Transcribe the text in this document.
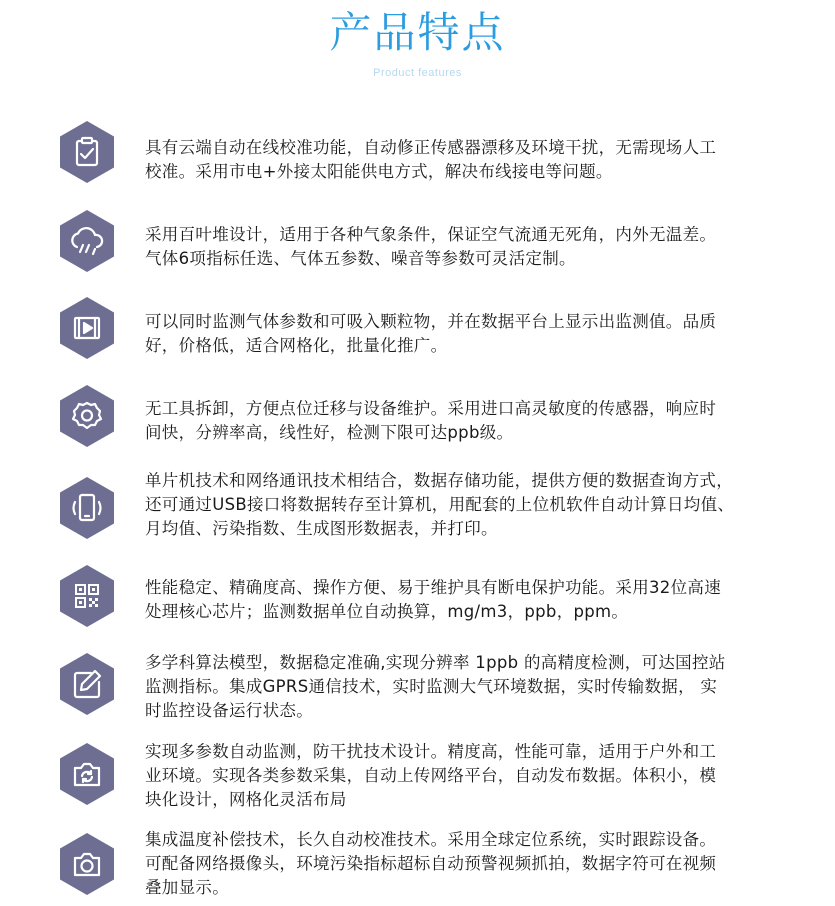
产品特点
Product features
具有云端自动在线校准功能，自动修正传感器漂移及环境干扰，无需现场人工
校准。采用市电+外接太阳能供电方式，解决布线接电等问题。
采用百叶堆设计，适用于各种气象条件，保证空气流通无死角，内外无温差。
气体6项指标任选、气体五参数、噪音等参数可灵活定制。
可以同时监测气体参数和可吸入颗粒物，并在数据平台上显示出监测值。品质
好，价格低，适合网格化，批量化推广。
无工具拆卸，方便点位迁移与设备维护。采用进口高灵敏度的传感器，响应时
间快，分辨率高，线性好，检测下限可达ppb级。
单片机技术和网络通讯技术相结合，数据存储功能，提供方便的数据查询方式，
还可通过USB接口将数据转存至计算机，用配套的上位机软件自动计算日均值、
月均值、污染指数、生成图形数据表，并打印。
性能稳定、精确度高、操作方便、易于维护具有断电保护功能。采用32位高速
处理核心芯片；监测数据单位自动换算，mg/m3，ppb，ppm。
多学科算法模型，数据稳定准确,实现分辨率 1ppb 的高精度检测，可达国控站
监测指标。集成GPRS通信技术，实时监测大气环境数据，实时传输数据， 实
时监控设备运行状态。
实现多参数自动监测，防干扰技术设计。精度高，性能可靠，适用于户外和工
业环境。实现各类参数采集，自动上传网络平台，自动发布数据。体积小，模
块化设计，网格化灵活布局
集成温度补偿技术，长久自动校准技术。采用全球定位系统，实时跟踪设备。
可配备网络摄像头，环境污染指标超标自动预警视频抓拍，数据字符可在视频
叠加显示。
